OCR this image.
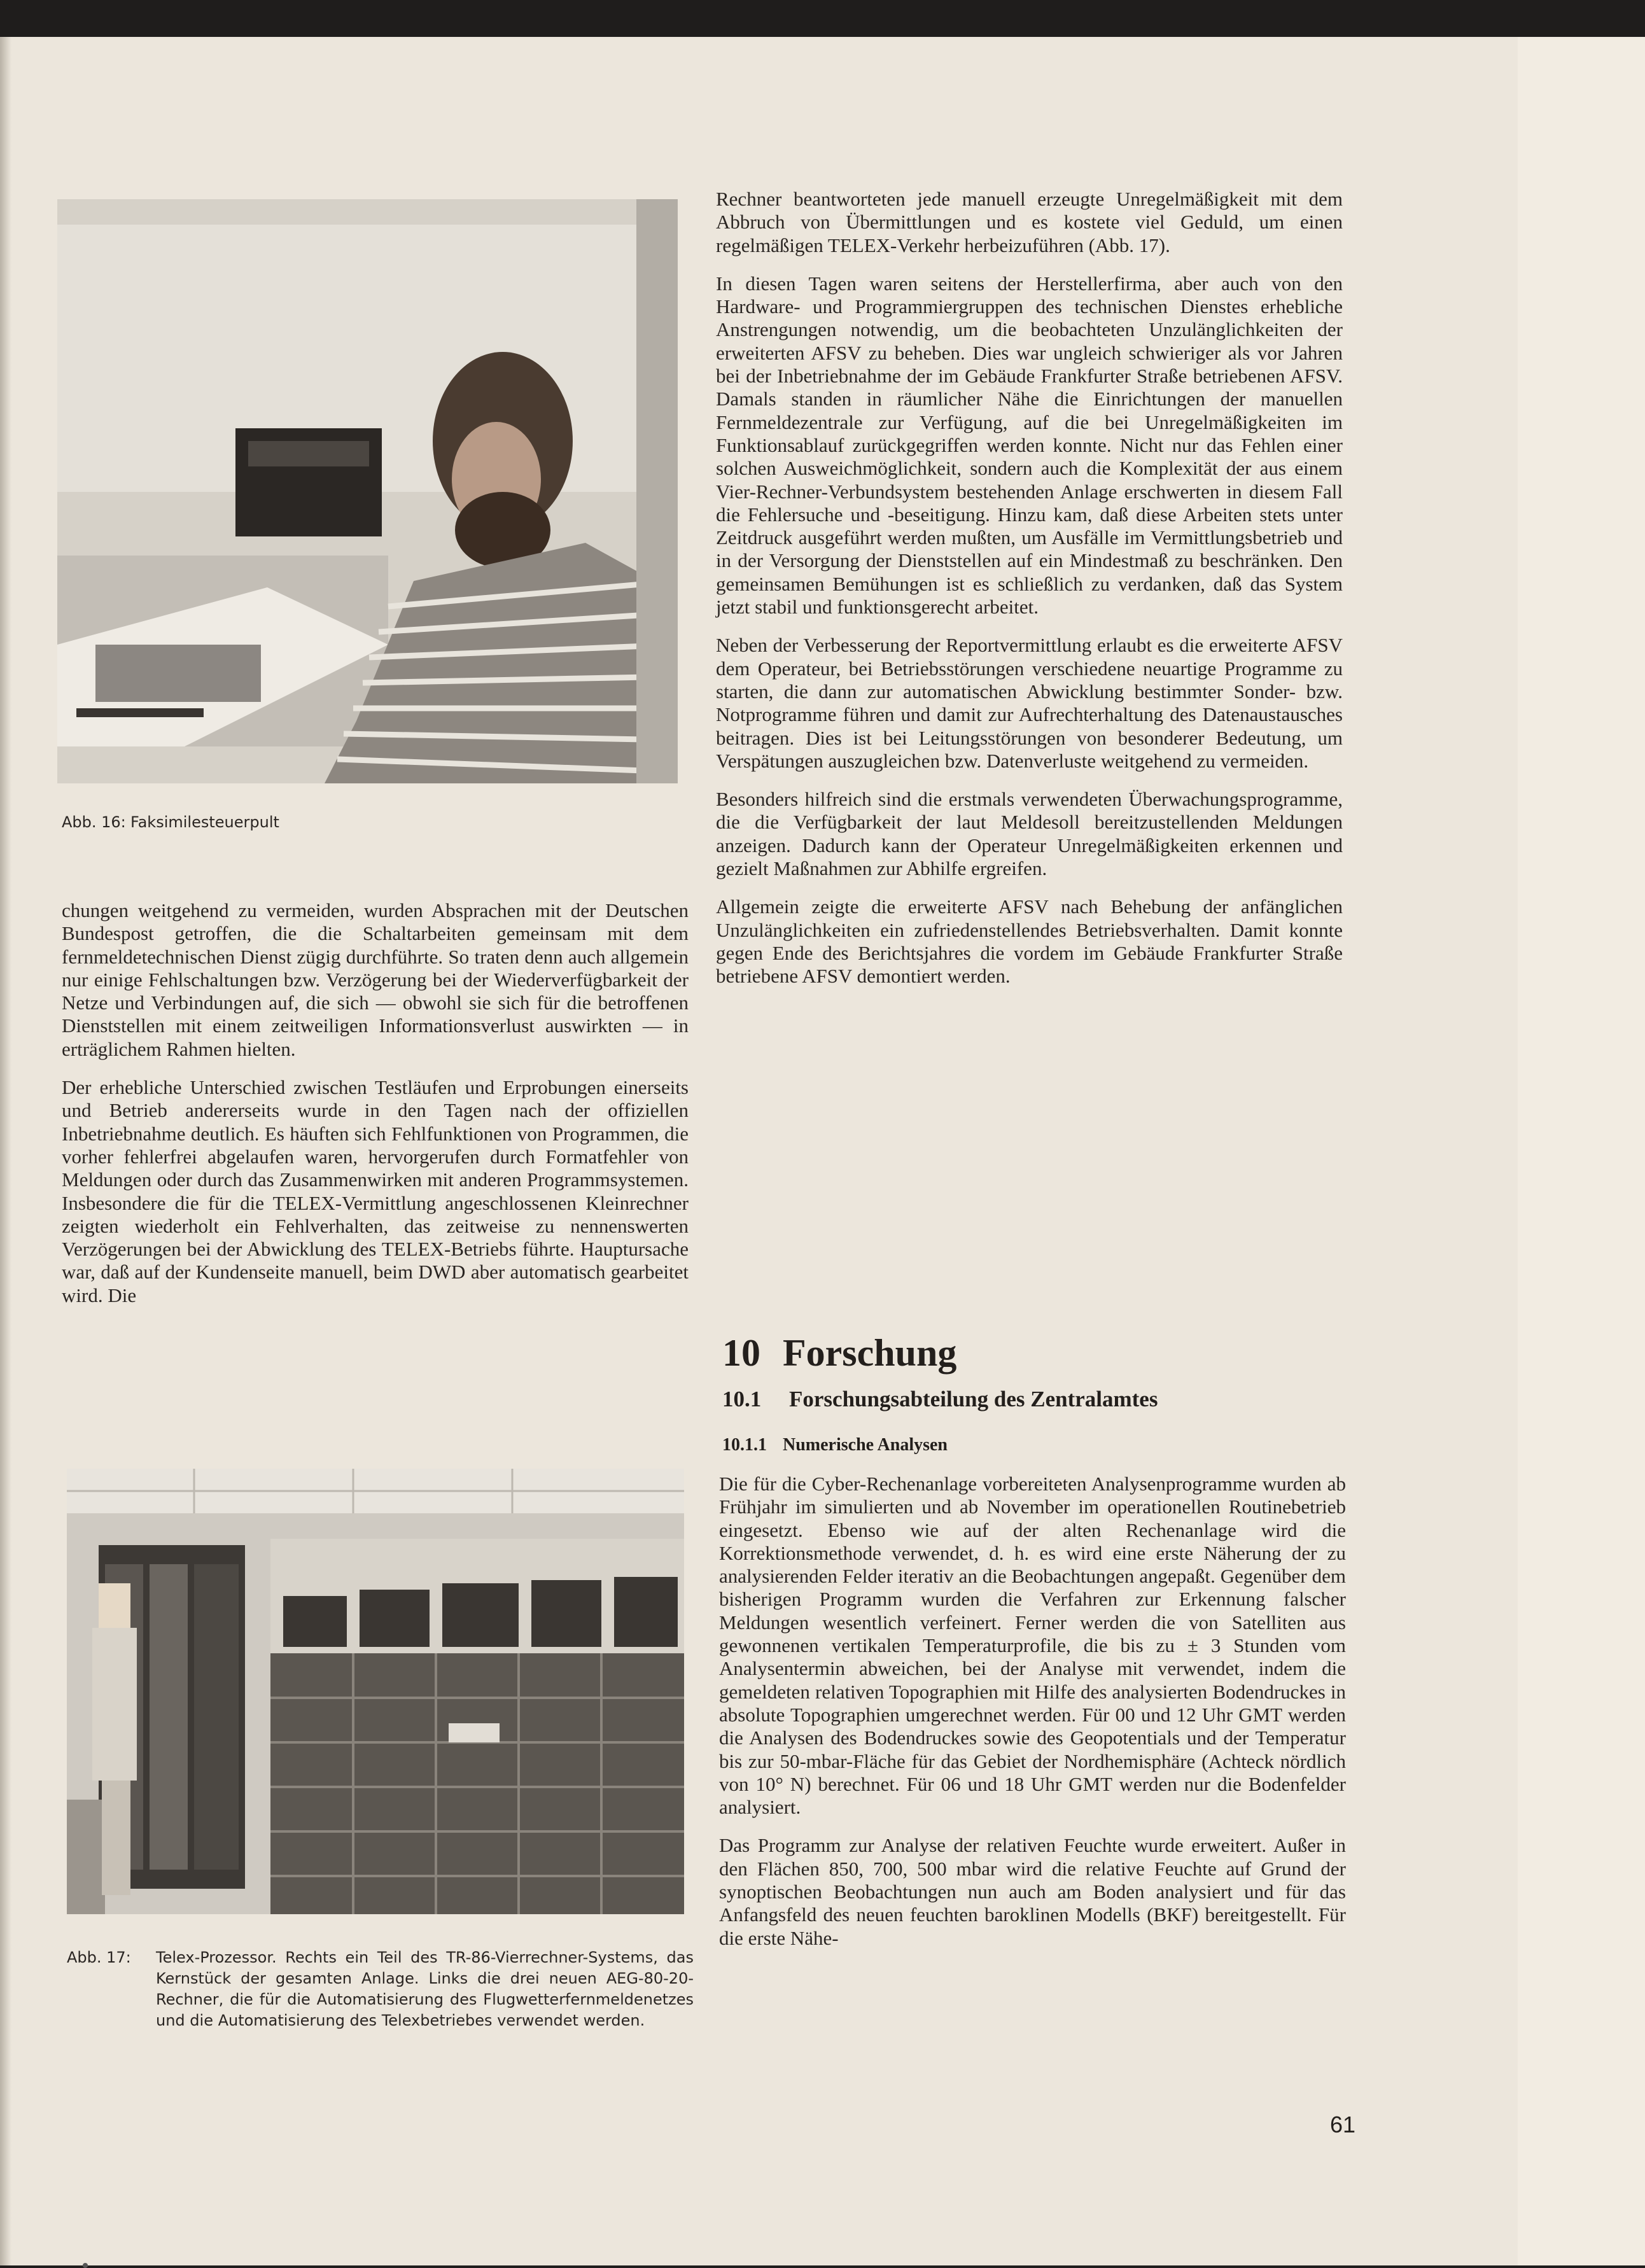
Abb. 16: Faksimilesteuerpult

chungen weitgehend zu vermeiden, wurden Absprachen mit der Deutschen Bundespost getroffen, die die Schaltarbeiten gemeinsam mit dem fernmeldetechnischen Dienst zügig durchführte. So traten denn auch allgemein nur einige Fehlschaltungen bzw. Verzögerung bei der Wiederverfügbarkeit der Netze und Verbindungen auf, die sich — obwohl sie sich für die betroffenen Dienststellen mit einem zeitweiligen Informationsverlust auswirkten — in erträglichem Rahmen hielten.

Der erhebliche Unterschied zwischen Testläufen und Erprobungen einerseits und Betrieb andererseits wurde in den Tagen nach der offiziellen Inbetriebnahme deutlich. Es häuften sich Fehlfunktionen von Programmen, die vorher fehlerfrei abgelaufen waren, hervorgerufen durch Formatfehler von Meldungen oder durch das Zusammenwirken mit anderen Programmsystemen. Insbesondere die für die TELEX-Vermittlung angeschlossenen Kleinrechner zeigten wiederholt ein Fehlverhalten, das zeitweise zu nennenswerten Verzögerungen bei der Abwicklung des TELEX-Betriebs führte. Hauptursache war, daß auf der Kundenseite manuell, beim DWD aber automatisch gearbeitet wird. Die

Abb. 17: Telex-Prozessor. Rechts ein Teil des TR-86-Vierrechner-Systems, das Kernstück der gesamten Anlage. Links die drei neuen AEG-80-20-Rechner, die für die Automatisierung des Flugwetterfernmeldenetzes und die Automatisierung des Telexbetriebes verwendet werden.

Rechner beantworteten jede manuell erzeugte Unregelmäßigkeit mit dem Abbruch von Übermittlungen und es kostete viel Geduld, um einen regelmäßigen TELEX-Verkehr herbeizuführen (Abb. 17).

In diesen Tagen waren seitens der Herstellerfirma, aber auch von den Hardware- und Programmiergruppen des technischen Dienstes erhebliche Anstrengungen notwendig, um die beobachteten Unzulänglichkeiten der erweiterten AFSV zu beheben. Dies war ungleich schwieriger als vor Jahren bei der Inbetriebnahme der im Gebäude Frankfurter Straße betriebenen AFSV. Damals standen in räumlicher Nähe die Einrichtungen der manuellen Fernmeldezentrale zur Verfügung, auf die bei Unregelmäßigkeiten im Funktionsablauf zurückgegriffen werden konnte. Nicht nur das Fehlen einer solchen Ausweichmöglichkeit, sondern auch die Komplexität der aus einem Vier-Rechner-Verbundsystem bestehenden Anlage erschwerten in diesem Fall die Fehlersuche und -beseitigung. Hinzu kam, daß diese Arbeiten stets unter Zeitdruck ausgeführt werden mußten, um Ausfälle im Vermittlungsbetrieb und in der Versorgung der Dienststellen auf ein Mindestmaß zu beschränken. Den gemeinsamen Bemühungen ist es schließlich zu verdanken, daß das System jetzt stabil und funktionsgerecht arbeitet.

Neben der Verbesserung der Reportvermittlung erlaubt es die erweiterte AFSV dem Operateur, bei Betriebsstörungen verschiedene neuartige Programme zu starten, die dann zur automatischen Abwicklung bestimmter Sonder- bzw. Notprogramme führen und damit zur Aufrechterhaltung des Datenaustausches beitragen. Dies ist bei Leitungsstörungen von besonderer Bedeutung, um Verspätungen auszugleichen bzw. Datenverluste weitgehend zu vermeiden.

Besonders hilfreich sind die erstmals verwendeten Überwachungsprogramme, die die Verfügbarkeit der laut Meldesoll bereitzustellenden Meldungen anzeigen. Dadurch kann der Operateur Unregelmäßigkeiten erkennen und gezielt Maßnahmen zur Abhilfe ergreifen.

Allgemein zeigte die erweiterte AFSV nach Behebung der anfänglichen Unzulänglichkeiten ein zufriedenstellendes Betriebsverhalten. Damit konnte gegen Ende des Berichtsjahres die vordem im Gebäude Frankfurter Straße betriebene AFSV demontiert werden.

10 Forschung
10.1 Forschungsabteilung des Zentralamtes
10.1.1 Numerische Analysen

Die für die Cyber-Rechenanlage vorbereiteten Analysenprogramme wurden ab Frühjahr im simulierten und ab November im operationellen Routinebetrieb eingesetzt. Ebenso wie auf der alten Rechenanlage wird die Korrektionsmethode verwendet, d. h. es wird eine erste Näherung der zu analysierenden Felder iterativ an die Beobachtungen angepaßt. Gegenüber dem bisherigen Programm wurden die Verfahren zur Erkennung falscher Meldungen wesentlich verfeinert. Ferner werden die von Satelliten aus gewonnenen vertikalen Temperaturprofile, die bis zu ± 3 Stunden vom Analysentermin abweichen, bei der Analyse mit verwendet, indem die gemeldeten relativen Topographien mit Hilfe des analysierten Bodendruckes in absolute Topographien umgerechnet werden. Für 00 und 12 Uhr GMT werden die Analysen des Bodendruckes sowie des Geopotentials und der Temperatur bis zur 50-mbar-Fläche für das Gebiet der Nordhemisphäre (Achteck nördlich von 10° N) berechnet. Für 06 und 18 Uhr GMT werden nur die Bodenfelder analysiert.

Das Programm zur Analyse der relativen Feuchte wurde erweitert. Außer in den Flächen 850, 700, 500 mbar wird die relative Feuchte auf Grund der synoptischen Beobachtungen nun auch am Boden analysiert und für das Anfangsfeld des neuen feuchten baroklinen Modells (BKF) bereitgestellt. Für die erste Nähe-

61
